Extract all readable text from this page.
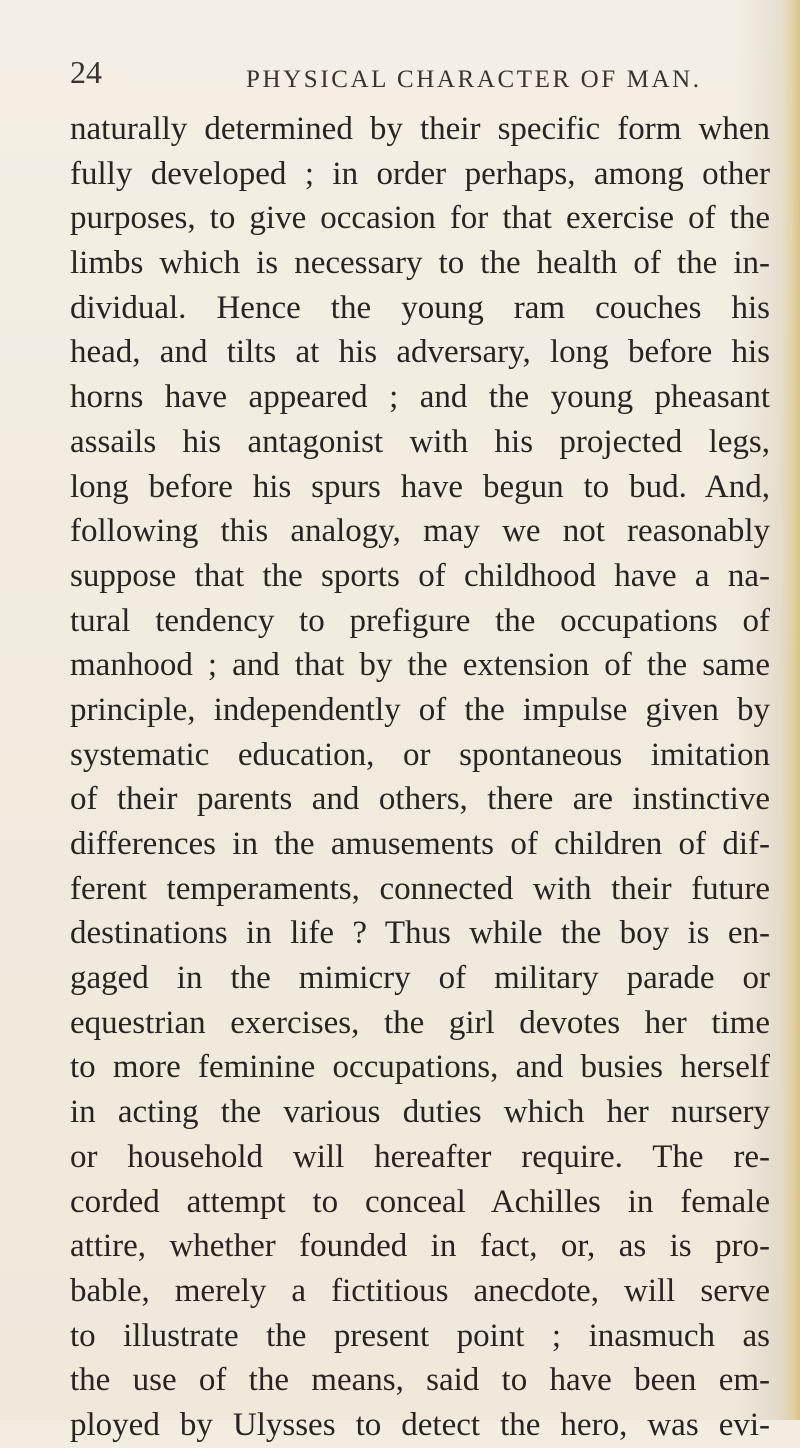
24	PHYSICAL CHARACTER OF MAN.
naturally determined by their specific form when
fully developed ; in order perhaps, among other
purposes, to give occasion for that exercise of the
limbs which is necessary to the health of the in-
dividual. Hence the young ram couches his
head, and tilts at his adversary, long before his
horns have appeared ; and the young pheasant
assails his antagonist with his projected legs,
long before his spurs have begun to bud. And,
following this analogy, may we not reasonably
suppose that the sports of childhood have a na-
tural tendency to prefigure the occupations of
manhood ; and that by the extension of the same
principle, independently of the impulse given by
systematic education, or spontaneous imitation
of their parents and others, there are instinctive
differences in the amusements of children of dif-
ferent temperaments, connected with their future
destinations in life ? Thus while the boy is en-
gaged in the mimicry of military parade or
equestrian exercises, the girl devotes her time
to more feminine occupations, and busies herself
in acting the various duties which her nursery
or household will hereafter require. The re-
corded attempt to conceal Achilles in female
attire, whether founded in fact, or, as is pro-
bable, merely a fictitious anecdote, will serve
to illustrate the present point ; inasmuch as
the use of the means, said to have been em-
ployed by Ulysses to detect the hero, was evi-
